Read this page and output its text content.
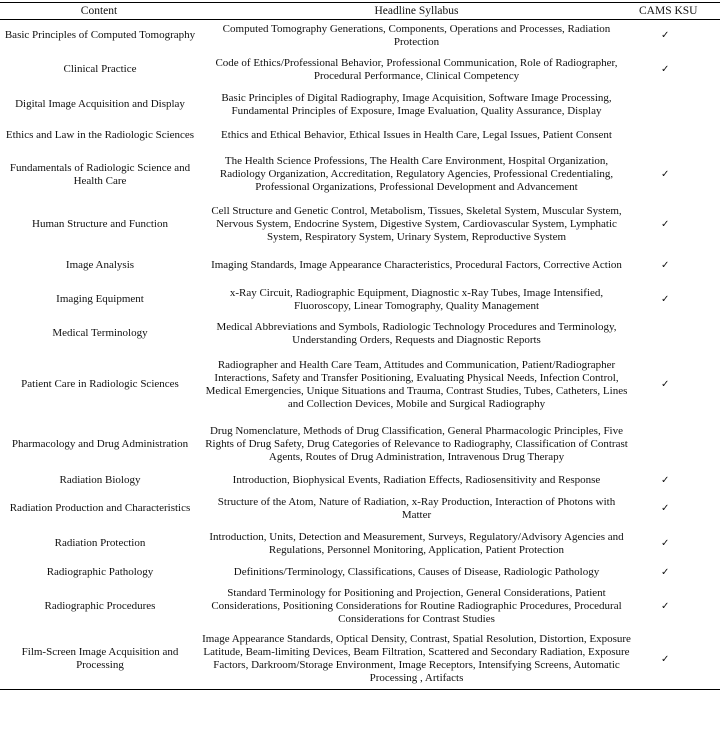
Content	Headline Syllabus	CAMS KSU
Basic Principles of Computed Tomography	Computed Tomography Generations, Components, Operations and Processes, Radiation Protection	✓
Clinical Practice	Code of Ethics/Professional Behavior, Professional Communication, Role of Radiographer, Procedural Performance, Clinical Competency	✓
Digital Image Acquisition and Display	Basic Principles of Digital Radiography, Image Acquisition, Software Image Processing, Fundamental Principles of Exposure, Image Evaluation, Quality Assurance, Display	
Ethics and Law in the Radiologic Sciences	Ethics and Ethical Behavior, Ethical Issues in Health Care, Legal Issues, Patient Consent	
Fundamentals of Radiologic Science and Health Care	The Health Science Professions, The Health Care Environment, Hospital Organization, Radiology Organization, Accreditation, Regulatory Agencies, Professional Credentialing, Professional Organizations, Professional Development and Advancement	✓
Human Structure and Function	Cell Structure and Genetic Control, Metabolism, Tissues, Skeletal System, Muscular System, Nervous System, Endocrine System, Digestive System, Cardiovascular System, Lymphatic System, Respiratory System, Urinary System, Reproductive System	✓
Image Analysis	Imaging Standards, Image Appearance Characteristics, Procedural Factors, Corrective Action	✓
Imaging Equipment	x-Ray Circuit, Radiographic Equipment, Diagnostic x-Ray Tubes, Image Intensified, Fluoroscopy, Linear Tomography, Quality Management	✓
Medical Terminology	Medical Abbreviations and Symbols, Radiologic Technology Procedures and Terminology, Understanding Orders, Requests and Diagnostic Reports	
Patient Care in Radiologic Sciences	Radiographer and Health Care Team, Attitudes and Communication, Patient/Radiographer Interactions, Safety and Transfer Positioning, Evaluating Physical Needs, Infection Control, Medical Emergencies, Unique Situations and Trauma, Contrast Studies, Tubes, Catheters, Lines and Collection Devices, Mobile and Surgical Radiography	✓
Pharmacology and Drug Administration	Drug Nomenclature, Methods of Drug Classification, General Pharmacologic Principles, Five Rights of Drug Safety, Drug Categories of Relevance to Radiography, Classification of Contrast Agents, Routes of Drug Administration, Intravenous Drug Therapy	
Radiation Biology	Introduction, Biophysical Events, Radiation Effects, Radiosensitivity and Response	✓
Radiation Production and Characteristics	Structure of the Atom, Nature of Radiation, x-Ray Production, Interaction of Photons with Matter	✓
Radiation Protection	Introduction, Units, Detection and Measurement, Surveys, Regulatory/Advisory Agencies and Regulations, Personnel Monitoring, Application, Patient Protection	✓
Radiographic Pathology	Definitions/Terminology, Classifications, Causes of Disease, Radiologic Pathology	✓
Radiographic Procedures	Standard Terminology for Positioning and Projection, General Considerations, Patient Considerations, Positioning Considerations for Routine Radiographic Procedures, Procedural Considerations for Contrast Studies	✓
Film-Screen Image Acquisition and Processing	Image Appearance Standards, Optical Density, Contrast, Spatial Resolution, Distortion, Exposure Latitude, Beam-limiting Devices, Beam Filtration, Scattered and Secondary Radiation, Exposure Factors, Darkroom/Storage Environment, Image Receptors, Intensifying Screens, Automatic Processing , Artifacts	✓
